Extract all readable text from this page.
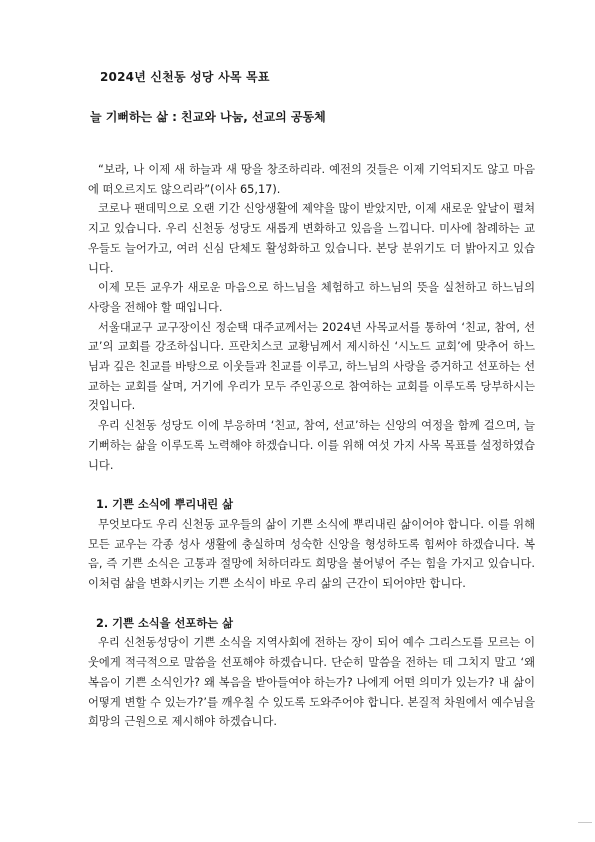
2024년 신천동 성당 사목 목표
늘 기뻐하는 삶 : 친교와 나눔, 선교의 공동체

“보라, 나 이제 새 하늘과 새 땅을 창조하리라. 예전의 것들은 이제 기억되지도 않고 마음에 떠오르지도 않으리라”(이사 65,17).

코로나 팬데믹으로 오랜 기간 신앙생활에 제약을 많이 받았지만, 이제 새로운 앞날이 펼쳐지고 있습니다. 우리 신천동 성당도 새롭게 변화하고 있음을 느낍니다. 미사에 참례하는 교우들도 늘어가고, 여러 신심 단체도 활성화하고 있습니다. 본당 분위기도 더 밝아지고 있습니다.

이제 모든 교우가 새로운 마음으로 하느님을 체험하고 하느님의 뜻을 실천하고 하느님의 사랑을 전해야 할 때입니다.

서울대교구 교구장이신 정순택 대주교께서는 2024년 사목교서를 통하여 ‘친교, 참여, 선교’의 교회를 강조하십니다. 프란치스코 교황님께서 제시하신 ‘시노드 교회’에 맞추어 하느님과 깊은 친교를 바탕으로 이웃들과 친교를 이루고, 하느님의 사랑을 증거하고 선포하는 선교하는 교회를 살며, 거기에 우리가 모두 주인공으로 참여하는 교회를 이루도록 당부하시는 것입니다.

우리 신천동 성당도 이에 부응하며 ‘친교, 참여, 선교’하는 신앙의 여정을 함께 걸으며, 늘 기뻐하는 삶을 이루도록 노력해야 하겠습니다. 이를 위해 여섯 가지 사목 목표를 설정하였습니다.

1. 기쁜 소식에 뿌리내린 삶

무엇보다도 우리 신천동 교우들의 삶이 기쁜 소식에 뿌리내린 삶이어야 합니다. 이를 위해 모든 교우는 각종 성사 생활에 충실하며 성숙한 신앙을 형성하도록 힘써야 하겠습니다. 복음, 즉 기쁜 소식은 고통과 절망에 처하더라도 희망을 불어넣어 주는 힘을 가지고 있습니다. 이처럼 삶을 변화시키는 기쁜 소식이 바로 우리 삶의 근간이 되어야만 합니다.

2. 기쁜 소식을 선포하는 삶

우리 신천동성당이 기쁜 소식을 지역사회에 전하는 장이 되어 예수 그리스도를 모르는 이웃에게 적극적으로 말씀을 선포해야 하겠습니다. 단순히 말씀을 전하는 데 그치지 말고 ‘왜 복음이 기쁜 소식인가? 왜 복음을 받아들여야 하는가? 나에게 어떤 의미가 있는가? 내 삶이 어떻게 변할 수 있는가?’를 깨우칠 수 있도록 도와주어야 합니다. 본질적 차원에서 예수님을 희망의 근원으로 제시해야 하겠습니다.
